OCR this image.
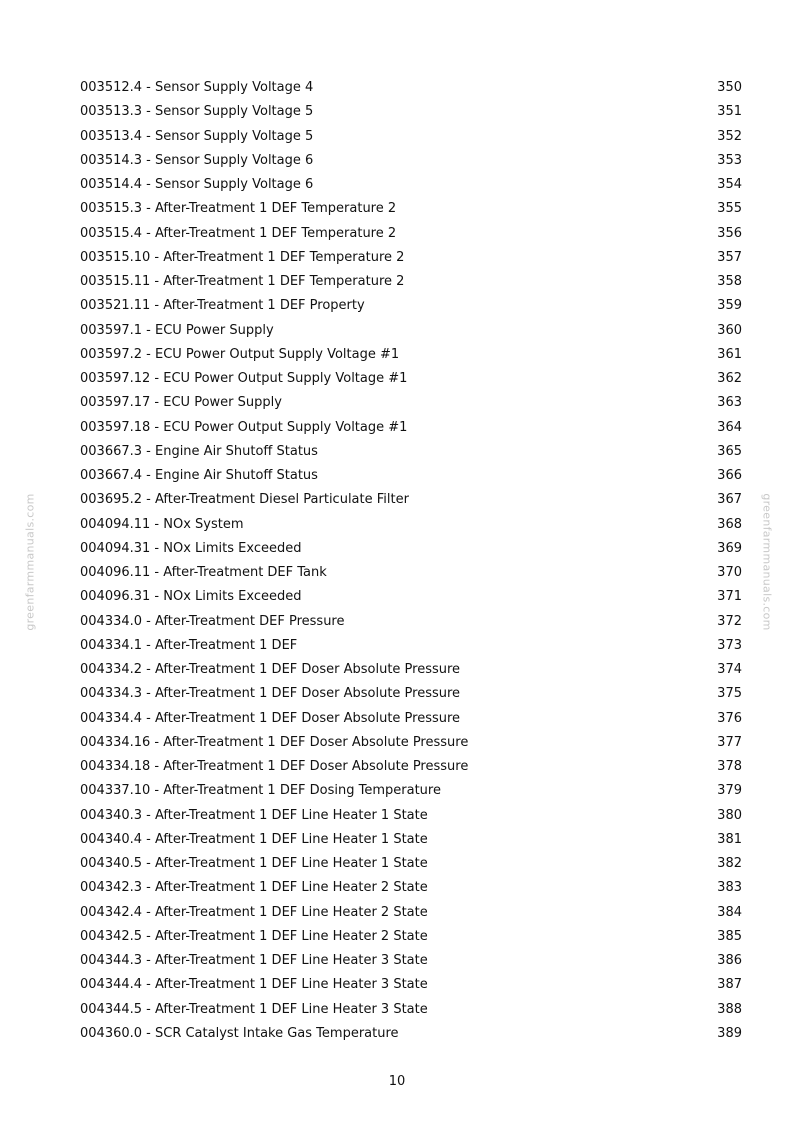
greenfarmmanuals.com	greenfarmmanuals.com
003512.4 - Sensor Supply Voltage 4	350
003513.3 - Sensor Supply Voltage 5	351
003513.4 - Sensor Supply Voltage 5	352
003514.3 - Sensor Supply Voltage 6	353
003514.4 - Sensor Supply Voltage 6	354
003515.3 - After-Treatment 1 DEF Temperature 2	355
003515.4 - After-Treatment 1 DEF Temperature 2	356
003515.10 - After-Treatment 1 DEF Temperature 2	357
003515.11 - After-Treatment 1 DEF Temperature 2	358
003521.11 - After-Treatment 1 DEF Property	359
003597.1 - ECU Power Supply	360
003597.2 - ECU Power Output Supply Voltage #1	361
003597.12 - ECU Power Output Supply Voltage #1	362
003597.17 - ECU Power Supply	363
003597.18 - ECU Power Output Supply Voltage #1	364
003667.3 - Engine Air Shutoff Status	365
003667.4 - Engine Air Shutoff Status	366
003695.2 - After-Treatment Diesel Particulate Filter	367
004094.11 - NOx System	368
004094.31 - NOx Limits Exceeded	369
004096.11 - After-Treatment DEF Tank	370
004096.31 - NOx Limits Exceeded	371
004334.0 - After-Treatment DEF Pressure	372
004334.1 - After-Treatment 1 DEF	373
004334.2 - After-Treatment 1 DEF Doser Absolute Pressure	374
004334.3 - After-Treatment 1 DEF Doser Absolute Pressure	375
004334.4 - After-Treatment 1 DEF Doser Absolute Pressure	376
004334.16 - After-Treatment 1 DEF Doser Absolute Pressure	377
004334.18 - After-Treatment 1 DEF Doser Absolute Pressure	378
004337.10 - After-Treatment 1 DEF Dosing Temperature	379
004340.3 - After-Treatment 1 DEF Line Heater 1 State	380
004340.4 - After-Treatment 1 DEF Line Heater 1 State	381
004340.5 - After-Treatment 1 DEF Line Heater 1 State	382
004342.3 - After-Treatment 1 DEF Line Heater 2 State	383
004342.4 - After-Treatment 1 DEF Line Heater 2 State	384
004342.5 - After-Treatment 1 DEF Line Heater 2 State	385
004344.3 - After-Treatment 1 DEF Line Heater 3 State	386
004344.4 - After-Treatment 1 DEF Line Heater 3 State	387
004344.5 - After-Treatment 1 DEF Line Heater 3 State	388
004360.0 - SCR Catalyst Intake Gas Temperature	389
10
